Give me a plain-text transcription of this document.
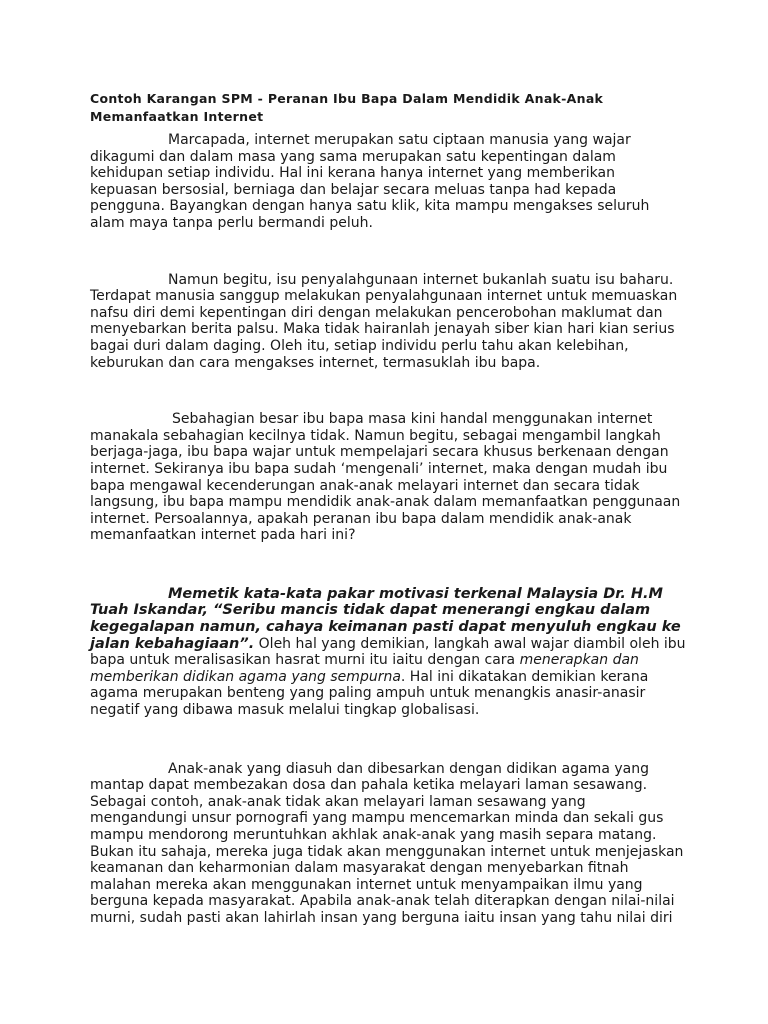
Contoh Karangan SPM - Peranan Ibu Bapa Dalam Mendidik Anak-Anak Memanfaatkan Internet

Marcapada, internet merupakan satu ciptaan manusia yang wajar dikagumi dan dalam masa yang sama merupakan satu kepentingan dalam kehidupan setiap individu. Hal ini kerana hanya internet yang memberikan kepuasan bersosial, berniaga dan belajar secara meluas tanpa had kepada pengguna. Bayangkan dengan hanya satu klik, kita mampu mengakses seluruh alam maya tanpa perlu bermandi peluh.

Namun begitu, isu penyalahgunaan internet bukanlah suatu isu baharu. Terdapat manusia sanggup melakukan penyalahgunaan internet untuk memuaskan nafsu diri demi kepentingan diri dengan melakukan pencerobohan maklumat dan menyebarkan berita palsu. Maka tidak hairanlah jenayah siber kian hari kian serius bagai duri dalam daging. Oleh itu, setiap individu perlu tahu akan kelebihan, keburukan dan cara mengakses internet, termasuklah ibu bapa.

Sebahagian besar ibu bapa masa kini handal menggunakan internet manakala sebahagian kecilnya tidak. Namun begitu, sebagai mengambil langkah berjaga-jaga, ibu bapa wajar untuk mempelajari secara khusus berkenaan dengan internet. Sekiranya ibu bapa sudah ‘mengenali’ internet, maka dengan mudah ibu bapa mengawal kecenderungan anak-anak melayari internet dan secara tidak langsung, ibu bapa mampu mendidik anak-anak dalam memanfaatkan penggunaan internet. Persoalannya, apakah peranan ibu bapa dalam mendidik anak-anak memanfaatkan internet pada hari ini?

Memetik kata-kata pakar motivasi terkenal Malaysia Dr. H.M Tuah Iskandar, “Seribu mancis tidak dapat menerangi engkau dalam kegegalapan namun, cahaya keimanan pasti dapat menyuluh engkau ke jalan kebahagiaan”. Oleh hal yang demikian, langkah awal wajar diambil oleh ibu bapa untuk meralisasikan hasrat murni itu iaitu dengan cara menerapkan dan memberikan didikan agama yang sempurna. Hal ini dikatakan demikian kerana agama merupakan benteng yang paling ampuh untuk menangkis anasir-anasir negatif yang dibawa masuk melalui tingkap globalisasi.

Anak-anak yang diasuh dan dibesarkan dengan didikan agama yang mantap dapat membezakan dosa dan pahala ketika melayari laman sesawang. Sebagai contoh, anak-anak tidak akan melayari laman sesawang yang mengandungi unsur pornografi yang mampu mencemarkan minda dan sekali gus mampu mendorong meruntuhkan akhlak anak-anak yang masih separa matang. Bukan itu sahaja, mereka juga tidak akan menggunakan internet untuk menjejaskan keamanan dan keharmonian dalam masyarakat dengan menyebarkan fitnah malahan mereka akan menggunakan internet untuk menyampaikan ilmu yang berguna kepada masyarakat. Apabila anak-anak telah diterapkan dengan nilai-nilai murni, sudah pasti akan lahirlah insan yang berguna iaitu insan yang tahu nilai diri
